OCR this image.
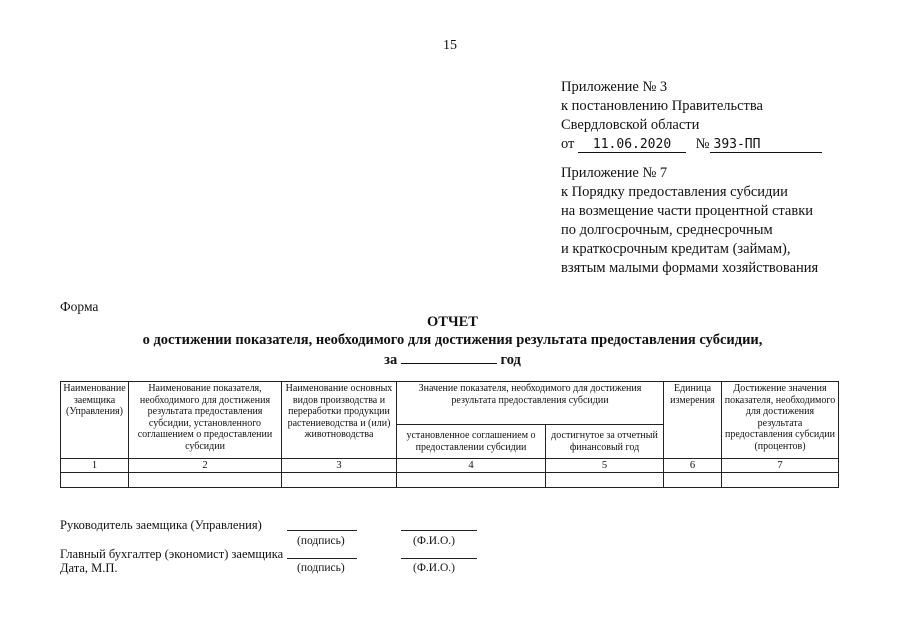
15
Приложение № 3
к постановлению Правительства
Свердловской области
от 11.06.2020 № 393-ПП
Приложение № 7
к Порядку предоставления субсидии
на возмещение части процентной ставки
по долгосрочным, среднесрочным
и краткосрочным кредитам (займам),
взятым малыми формами хозяйствования
Форма
ОТЧЕТ
о достижении показателя, необходимого для достижения результата предоставления субсидии,
за	год
Наименование заемщика (Управления)	Наименование показателя, необходимого для достижения результата предоставления субсидии, установленного соглашением о предоставлении субсидии	Наименование основных видов производства и переработки продукции растениеводства и (или) животноводства	Значение показателя, необходимого для достижения результата предоставления субсидии		Единица измерения	Достижение значения показателя, необходимого для достижения результата предоставления субсидии (процентов)
			установленное соглашением о предоставлении субсидии	достигнутое за отчетный финансовый год		
1	2	3	4	5	6	7

Руководитель заемщика (Управления)
(подпись)	(Ф.И.О.)
Главный бухгалтер (экономист) заемщика
Дата, М.П.	(подпись)	(Ф.И.О.)
